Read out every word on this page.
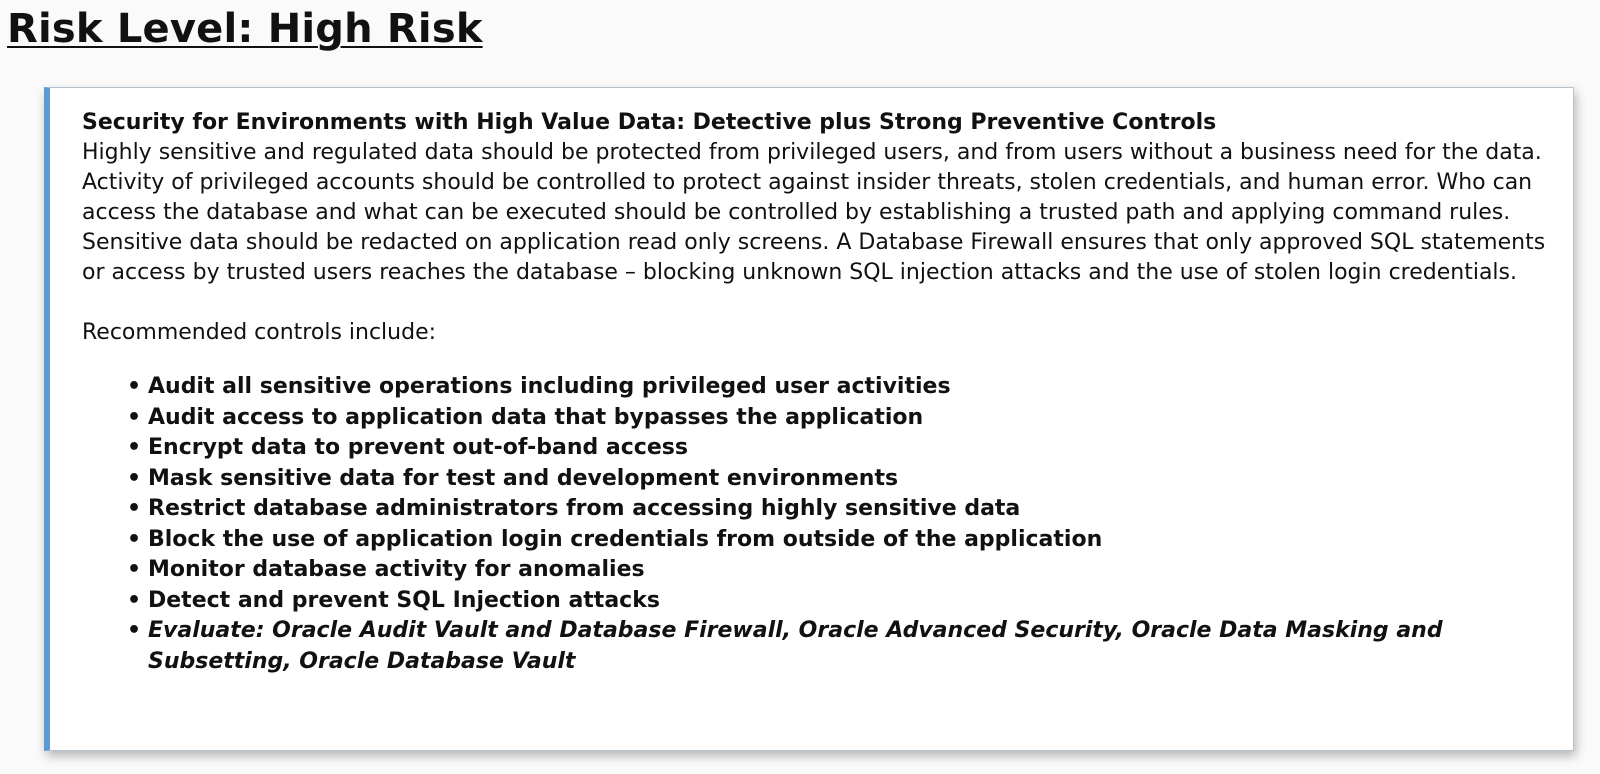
Risk Level: High Risk

Security for Environments with High Value Data: Detective plus Strong Preventive Controls

Highly sensitive and regulated data should be protected from privileged users, and from users without a business need for the data. Activity of privileged accounts should be controlled to protect against insider threats, stolen credentials, and human error. Who can access the database and what can be executed should be controlled by establishing a trusted path and applying command rules. Sensitive data should be redacted on application read only screens. A Database Firewall ensures that only approved SQL statements or access by trusted users reaches the database – blocking unknown SQL injection attacks and the use of stolen login credentials.

Recommended controls include:

• Audit all sensitive operations including privileged user activities
• Audit access to application data that bypasses the application
• Encrypt data to prevent out-of-band access
• Mask sensitive data for test and development environments
• Restrict database administrators from accessing highly sensitive data
• Block the use of application login credentials from outside of the application
• Monitor database activity for anomalies
• Detect and prevent SQL Injection attacks
• Evaluate: Oracle Audit Vault and Database Firewall, Oracle Advanced Security, Oracle Data Masking and Subsetting, Oracle Database Vault
